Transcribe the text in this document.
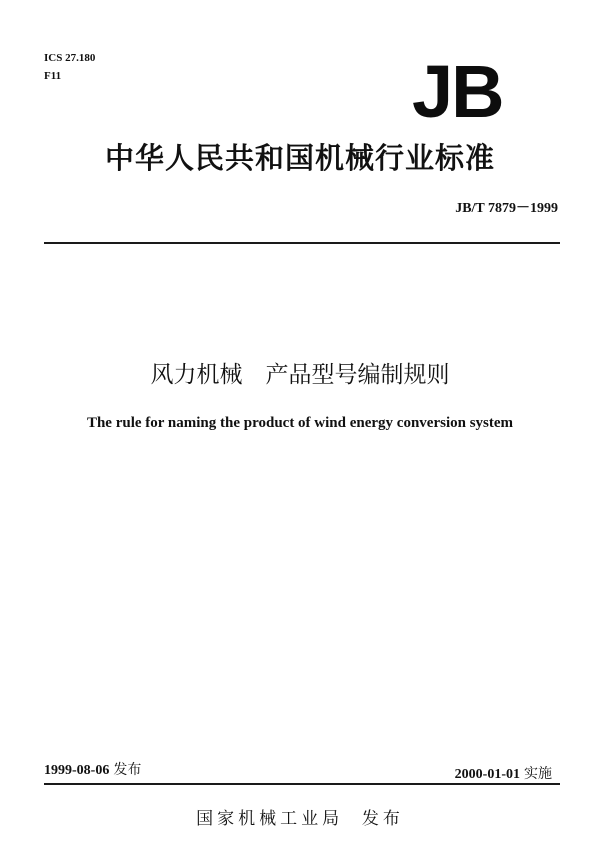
ICS 27.180
F11	JB
中华人民共和国机械行业标准
JB/T 7879－1999
风力机械　产品型号编制规则
The rule for naming the product of wind energy conversion system
1999-08-06 发布	2000-01-01 实施
国家机械工业局 发布
